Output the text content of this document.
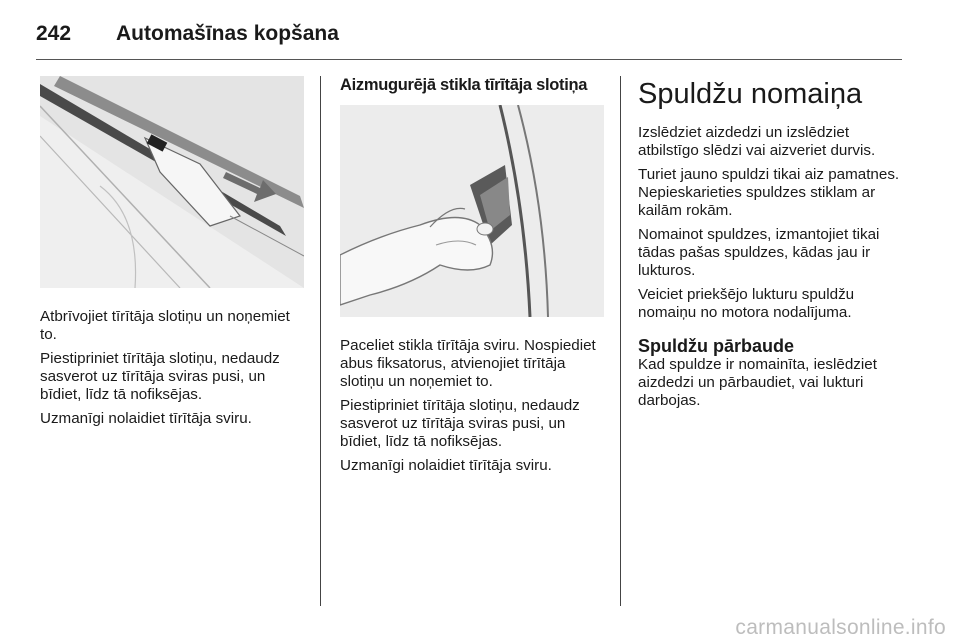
242	Automašīnas kopšana

Atbrīvojiet tīrītāja slotiņu un noņemiet to.

Piestipriniet tīrītāja slotiņu, nedaudz sasverot uz tīrītāja sviras pusi, un bīdiet, līdz tā nofiksējas.

Uzmanīgi nolaidiet tīrītāja sviru.

Aizmugurējā stikla tīrītāja slotiņa

Paceliet stikla tīrītāja sviru. Nospiediet abus fiksatorus, atvienojiet tīrītāja slotiņu un noņemiet to.

Piestipriniet tīrītāja slotiņu, nedaudz sasverot uz tīrītāja sviras pusi, un bīdiet, līdz tā nofiksējas.

Uzmanīgi nolaidiet tīrītāja sviru.

Spuldžu nomaiņa

Izslēdziet aizdedzi un izslēdziet atbilstīgo slēdzi vai aizveriet durvis.

Turiet jauno spuldzi tikai aiz pamatnes. Nepieskarieties spuldzes stiklam ar kailām rokām.

Nomainot spuldzes, izmantojiet tikai tādas pašas spuldzes, kādas jau ir lukturos.

Veiciet priekšējo lukturu spuldžu nomaiņu no motora nodalījuma.

Spuldžu pārbaude

Kad spuldze ir nomainīta, ieslēdziet aizdedzi un pārbaudiet, vai lukturi darbojas.

carmanualsonline.info
